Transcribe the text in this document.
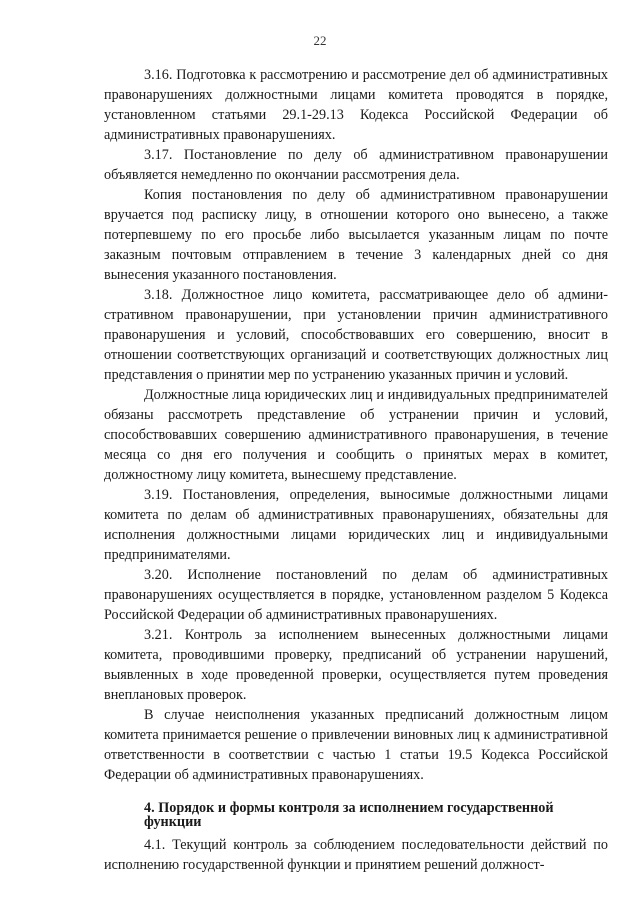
22

3.16. Подготовка к рассмотрению и рассмотрение дел об административных правонарушениях должностными лицами комитета проводятся в порядке, установленном статьями 29.1-29.13 Кодекса Российской Федерации об административных правонарушениях.

3.17. Постановление по делу об административном правонарушении объявляется немедленно по окончании рассмотрения дела.

Копия постановления по делу об административном правонарушении вручается под расписку лицу, в отношении которого оно вынесено, а также потерпевшему по его просьбе либо высылается указанным лицам по почте заказным почтовым отправлением в течение 3 календарных дней со дня вынесения указанного постановления.

3.18. Должностное лицо комитета, рассматривающее дело об административном правонарушении, при установлении причин административного правонарушения и условий, способствовавших его совершению, вносит в отношении соответствующих организаций и соответствующих должностных лиц представления о принятии мер по устранению указанных причин и условий.

Должностные лица юридических лиц и индивидуальных предпринимателей обязаны рассмотреть представление об устранении причин и условий, способствовавших совершению административного правонарушения, в течение месяца со дня его получения и сообщить о принятых мерах в комитет, должностному лицу комитета, вынесшему представление.

3.19. Постановления, определения, выносимые должностными лицами комитета по делам об административных правонарушениях, обязательны для исполнения должностными лицами юридических лиц и индивидуальными предпринимателями.

3.20. Исполнение постановлений по делам об административных правонарушениях осуществляется в порядке, установленном разделом 5 Кодекса Российской Федерации об административных правонарушениях.

3.21. Контроль за исполнением вынесенных должностными лицами комитета, проводившими проверку, предписаний об устранении нарушений, выявленных в ходе проведенной проверки, осуществляется путем проведения внеплановых проверок.

В случае неисполнения указанных предписаний должностным лицом комитета принимается решение о привлечении виновных лиц к административной ответственности в соответствии с частью 1 статьи 19.5 Кодекса Российской Федерации об административных правонарушениях.

4. Порядок и формы контроля за исполнением государственной функции

4.1. Текущий контроль за соблюдением последовательности действий по исполнению государственной функции и принятием решений должност-
